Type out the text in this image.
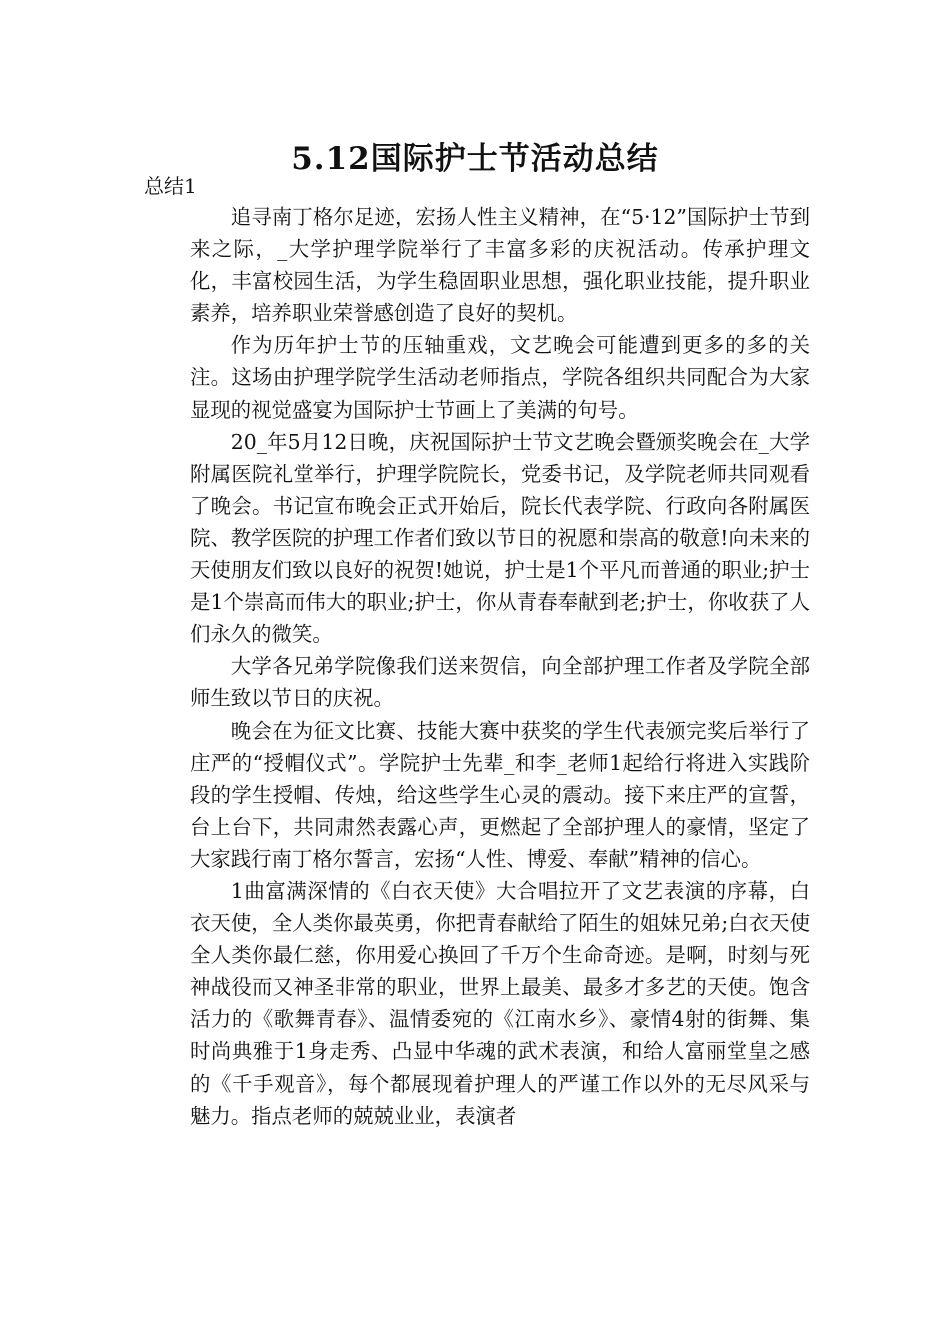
5.12国际护士节活动总结
总结1

追寻南丁格尔足迹，宏扬人性主义精神，在“5·12”国际护士节到来之际，_大学护理学院举行了丰富多彩的庆祝活动。传承护理文化，丰富校园生活，为学生稳固职业思想，强化职业技能，提升职业素养，培养职业荣誉感创造了良好的契机。

作为历年护士节的压轴重戏，文艺晚会可能遭到更多的多的关注。这场由护理学院学生活动老师指点，学院各组织共同配合为大家显现的视觉盛宴为国际护士节画上了美满的句号。

20_年5月12日晚，庆祝国际护士节文艺晚会暨颁奖晚会在_大学附属医院礼堂举行，护理学院院长，党委书记，及学院老师共同观看了晚会。书记宣布晚会正式开始后，院长代表学院、行政向各附属医院、教学医院的护理工作者们致以节日的祝愿和崇高的敬意!向未来的天使朋友们致以良好的祝贺!她说，护士是1个平凡而普通的职业;护士是1个崇高而伟大的职业;护士，你从青春奉献到老;护士，你收获了人们永久的微笑。

大学各兄弟学院像我们送来贺信，向全部护理工作者及学院全部师生致以节日的庆祝。

晚会在为征文比赛、技能大赛中获奖的学生代表颁完奖后举行了庄严的“授帽仪式”。学院护士先辈_和李_老师1起给行将进入实践阶段的学生授帽、传烛，给这些学生心灵的震动。接下来庄严的宣誓，台上台下，共同肃然表露心声，更燃起了全部护理人的豪情，坚定了大家践行南丁格尔誓言，宏扬“人性、博爱、奉献”精神的信心。

1曲富满深情的《白衣天使》大合唱拉开了文艺表演的序幕，白衣天使，全人类你最英勇，你把青春献给了陌生的姐妹兄弟;白衣天使全人类你最仁慈，你用爱心换回了千万个生命奇迹。是啊，时刻与死神战役而又神圣非常的职业，世界上最美、最多才多艺的天使。饱含活力的《歌舞青春》、温情委宛的《江南水乡》、豪情4射的街舞、集时尚典雅于1身走秀、凸显中华魂的武术表演，和给人富丽堂皇之感的《千手观音》，每个都展现着护理人的严谨工作以外的无尽风采与魅力。指点老师的兢兢业业，表演者
